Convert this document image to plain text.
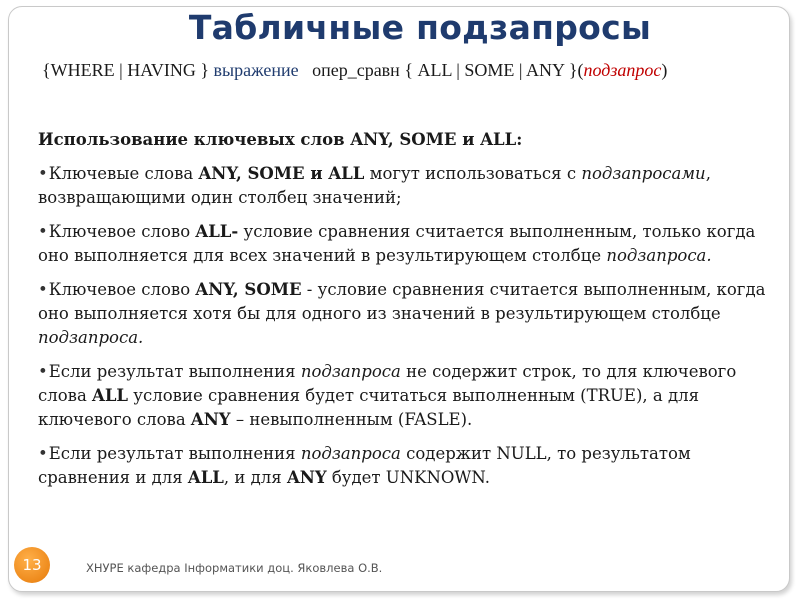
Табличные подзапросы
{WHERE | HAVING } выражение опер_сравн { ALL | SOME | ANY }(подзапрос)
Использование ключевых слов ANY, SOME и ALL:
•Ключевые слова ANY, SOME и ALL могут использоваться с подзапросами, возвращающими один столбец значений;
•Ключевое слово ALL- условие сравнения считается выполненным, только когда оно выполняется для всех значений в результирующем столбце подзапроса.
•Ключевое слово ANY, SOME - условие сравнения считается выполненным, когда оно выполняется хотя бы для одного из значений в результирующем столбце подзапроса.
•Если результат выполнения подзапроса не содержит строк, то для ключевого слова ALL условие сравнения будет считаться выполненным (TRUE), а для ключевого слова ANY – невыполненным (FASLE).
•Если результат выполнения подзапроса содержит NULL, то результатом сравнения и для ALL, и для ANY будет UNKNOWN.
13	ХНУРЕ кафедра Інформатики доц. Яковлева О.В.
